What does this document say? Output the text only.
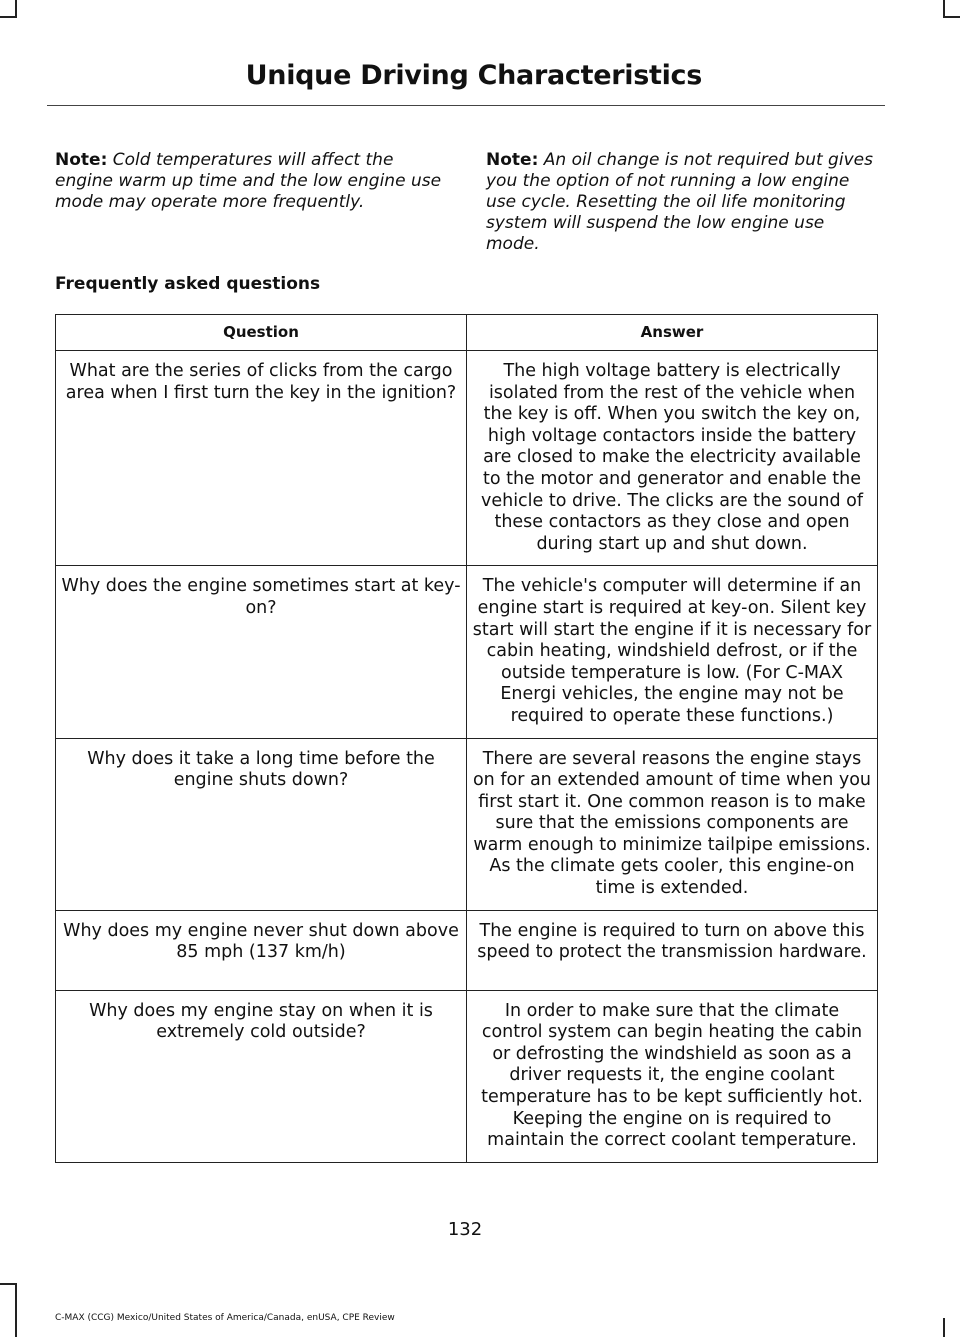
Unique Driving Characteristics
Note: Cold temperatures will affect the engine warm up time and the low engine use mode may operate more frequently.
Note: An oil change is not required but gives you the option of not running a low engine use cycle. Resetting the oil life monitoring system will suspend the low engine use mode.
Frequently asked questions
Question	Answer
What are the series of clicks from the cargo area when I first turn the key in the ignition?	The high voltage battery is electrically isolated from the rest of the vehicle when the key is off. When you switch the key on, high voltage contactors inside the battery are closed to make the electricity available to the motor and generator and enable the vehicle to drive. The clicks are the sound of these contactors as they close and open during start up and shut down.
Why does the engine sometimes start at key-on?	The vehicle's computer will determine if an engine start is required at key-on. Silent key start will start the engine if it is necessary for cabin heating, windshield defrost, or if the outside temperature is low. (For C-MAX Energi vehicles, the engine may not be required to operate these functions.)
Why does it take a long time before the engine shuts down?	There are several reasons the engine stays on for an extended amount of time when you first start it. One common reason is to make sure that the emissions components are warm enough to minimize tailpipe emissions. As the climate gets cooler, this engine-on time is extended.
Why does my engine never shut down above 85 mph (137 km/h)	The engine is required to turn on above this speed to protect the transmission hardware.
Why does my engine stay on when it is extremely cold outside?	In order to make sure that the climate control system can begin heating the cabin or defrosting the windshield as soon as a driver requests it, the engine coolant temperature has to be kept sufficiently hot. Keeping the engine on is required to maintain the correct coolant temperature.
132
C-MAX (CCG) Mexico/United States of America/Canada, enUSA, CPE Review
